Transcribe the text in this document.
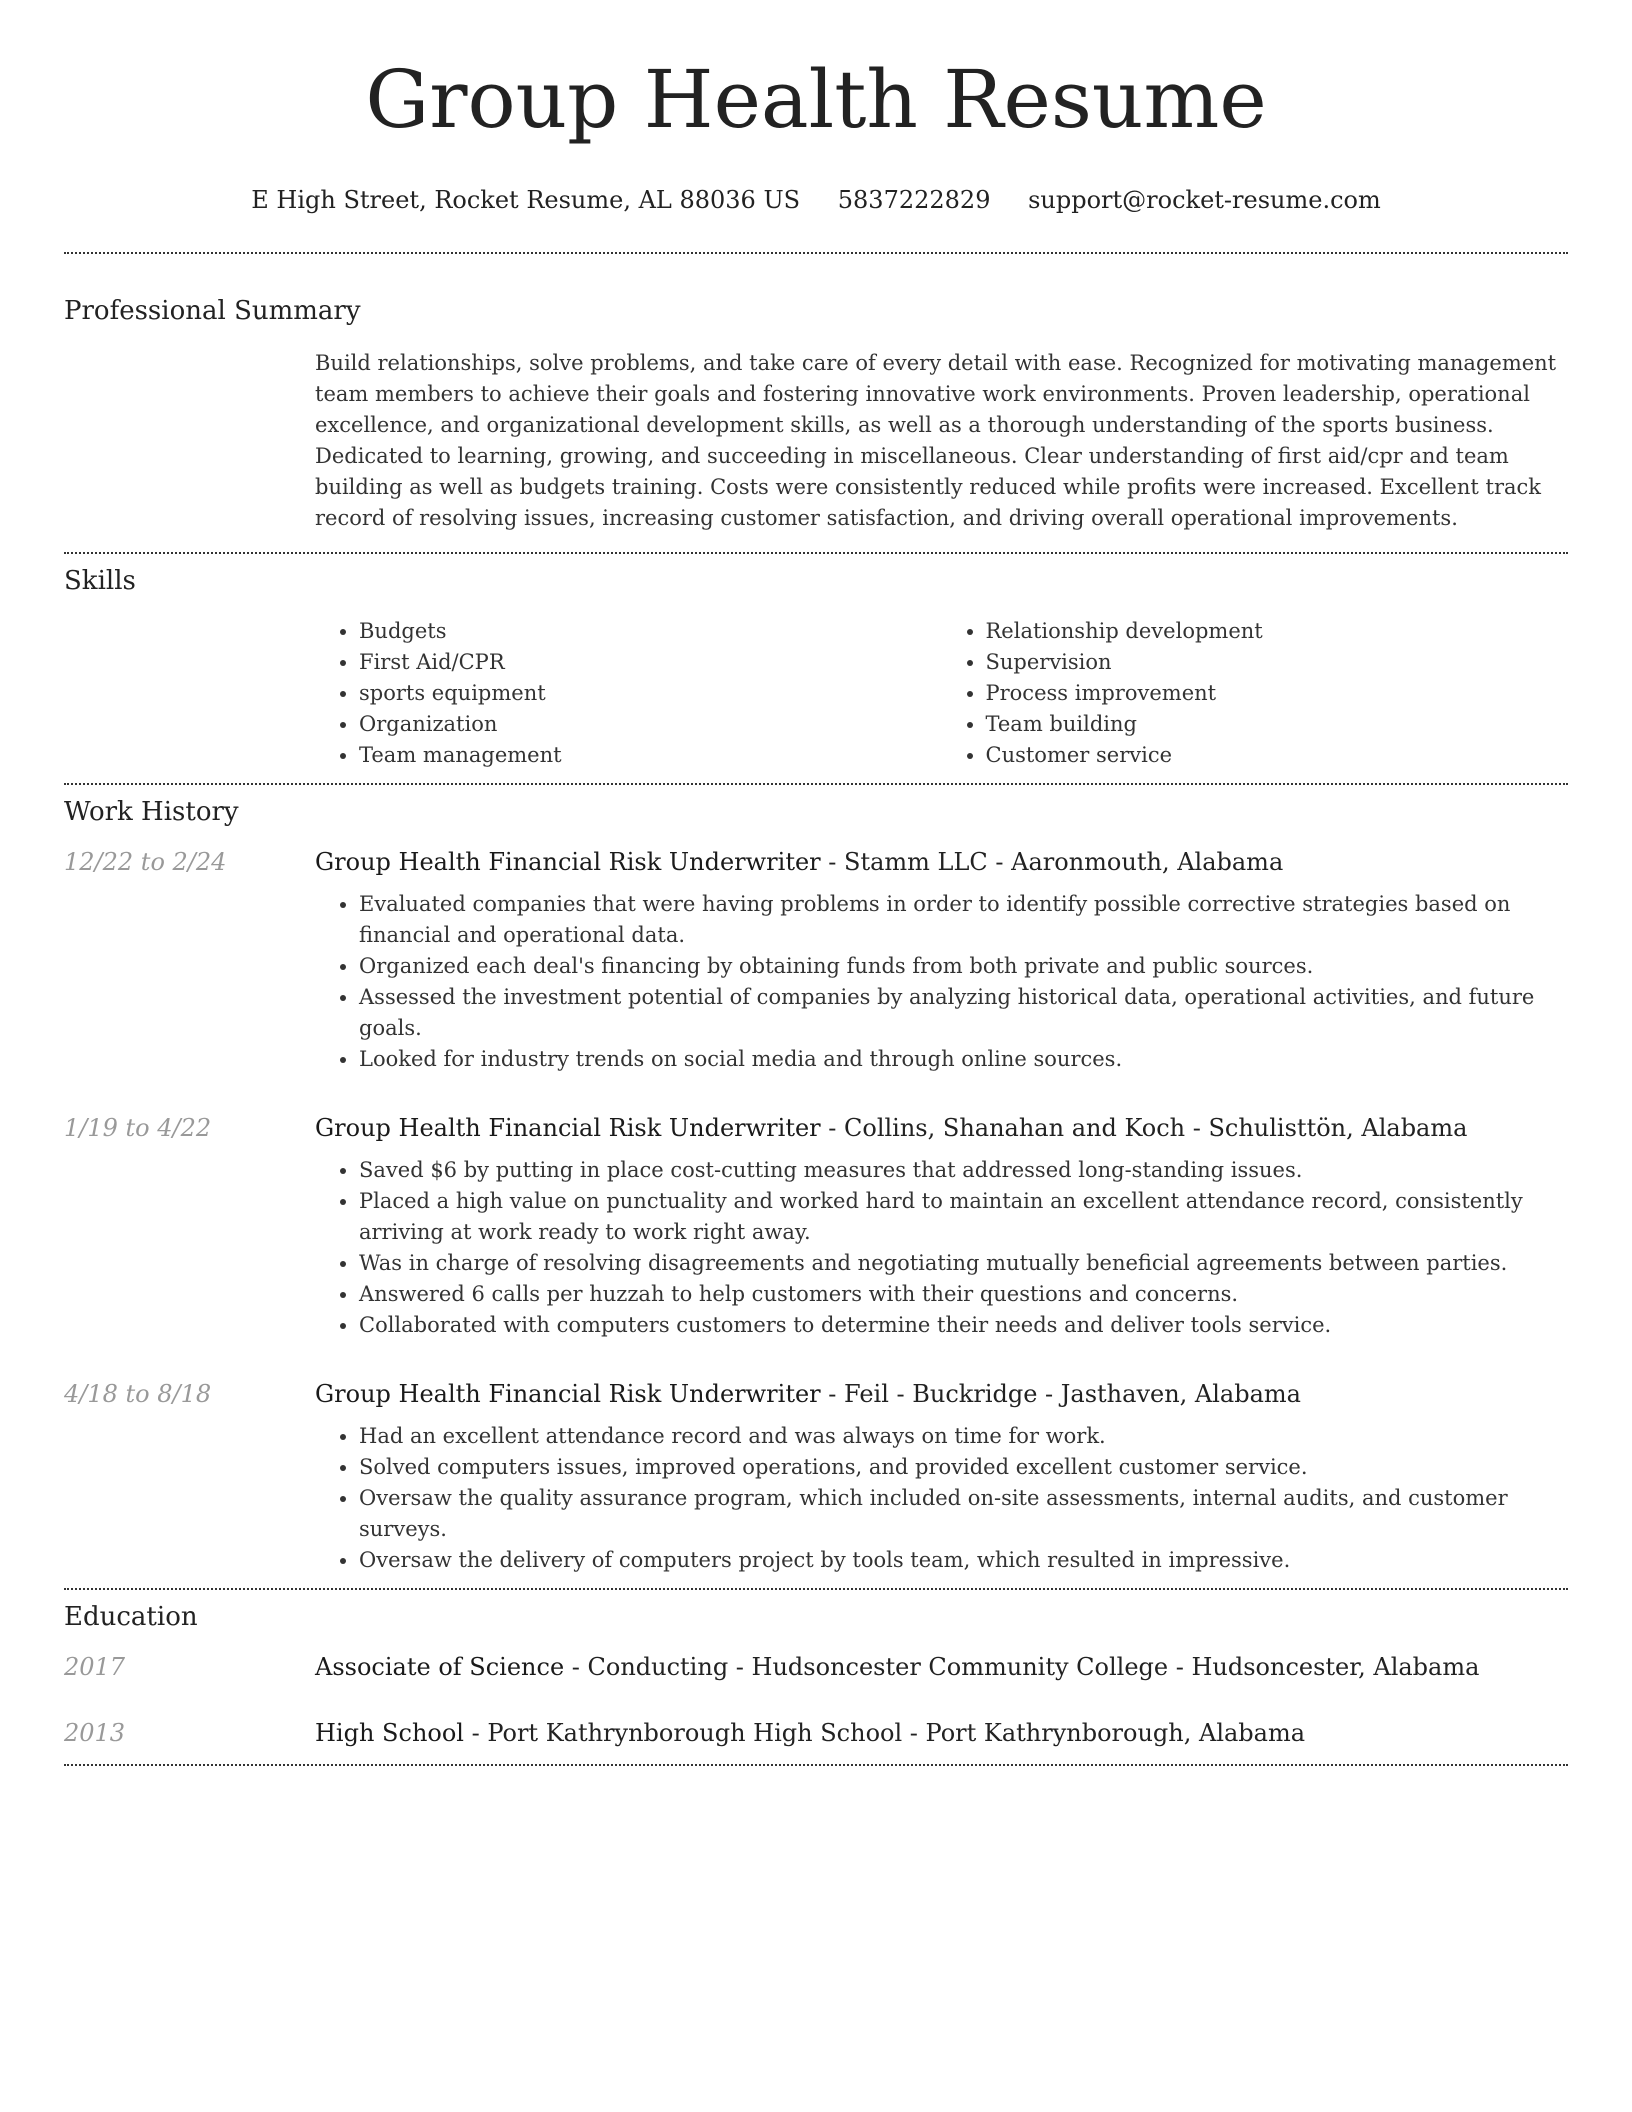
Group Health Resume
E High Street, Rocket Resume, AL 88036 US 5837222829 support@rocket-resume.com
Professional Summary
Build relationships, solve problems, and take care of every detail with ease. Recognized for motivating management team members to achieve their goals and fostering innovative work environments. Proven leadership, operational excellence, and organizational development skills, as well as a thorough understanding of the sports business. Dedicated to learning, growing, and succeeding in miscellaneous. Clear understanding of first aid/cpr and team building as well as budgets training. Costs were consistently reduced while profits were increased. Excellent track record of resolving issues, increasing customer satisfaction, and driving overall operational improvements.
Skills
• Budgets
• First Aid/CPR
• sports equipment
• Organization
• Team management
• Relationship development
• Supervision
• Process improvement
• Team building
• Customer service
Work History
12/22 to 2/24	Group Health Financial Risk Underwriter - Stamm LLC - Aaronmouth, Alabama
• Evaluated companies that were having problems in order to identify possible corrective strategies based on financial and operational data.
• Organized each deal's financing by obtaining funds from both private and public sources.
• Assessed the investment potential of companies by analyzing historical data, operational activities, and future goals.
• Looked for industry trends on social media and through online sources.
1/19 to 4/22	Group Health Financial Risk Underwriter - Collins, Shanahan and Koch - Schulisttön, Alabama
• Saved $6 by putting in place cost-cutting measures that addressed long-standing issues.
• Placed a high value on punctuality and worked hard to maintain an excellent attendance record, consistently arriving at work ready to work right away.
• Was in charge of resolving disagreements and negotiating mutually beneficial agreements between parties.
• Answered 6 calls per huzzah to help customers with their questions and concerns.
• Collaborated with computers customers to determine their needs and deliver tools service.
4/18 to 8/18	Group Health Financial Risk Underwriter - Feil - Buckridge - Jasthaven, Alabama
• Had an excellent attendance record and was always on time for work.
• Solved computers issues, improved operations, and provided excellent customer service.
• Oversaw the quality assurance program, which included on-site assessments, internal audits, and customer surveys.
• Oversaw the delivery of computers project by tools team, which resulted in impressive.
Education
2017	Associate of Science - Conducting - Hudsoncester Community College - Hudsoncester, Alabama
2013	High School - Port Kathrynborough High School - Port Kathrynborough, Alabama
